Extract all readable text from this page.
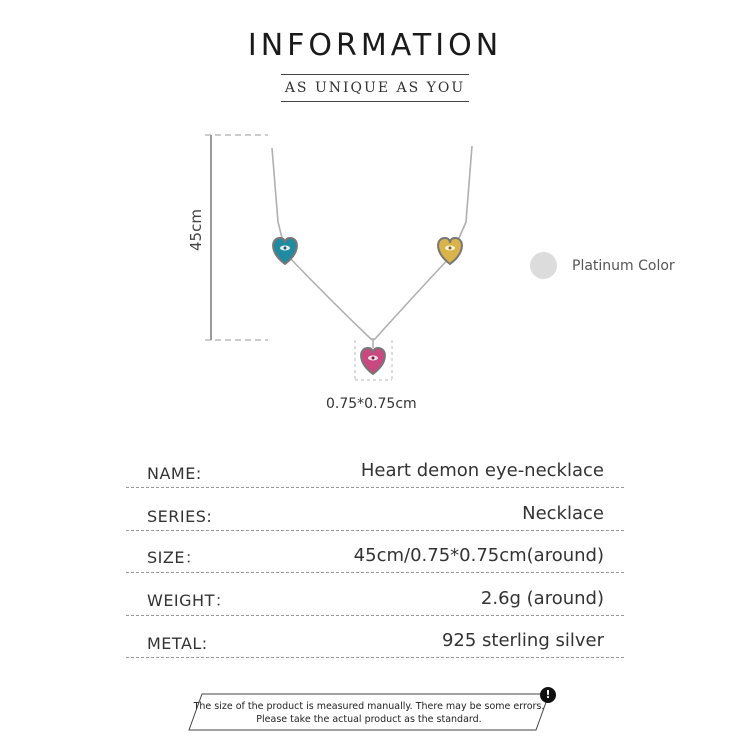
INFORMATION
AS UNIQUE AS YOU
45cm
0.75*0.75cm
Platinum Color
NAME:	Heart demon eye-necklace
SERIES:	Necklace
SIZE：	45cm/0.75*0.75cm(around)
WEIGHT：	2.6g (around)
METAL:	925 sterling silver
The size of the product is measured manually. There may be some errors.
Please take the actual product as the standard.
!
